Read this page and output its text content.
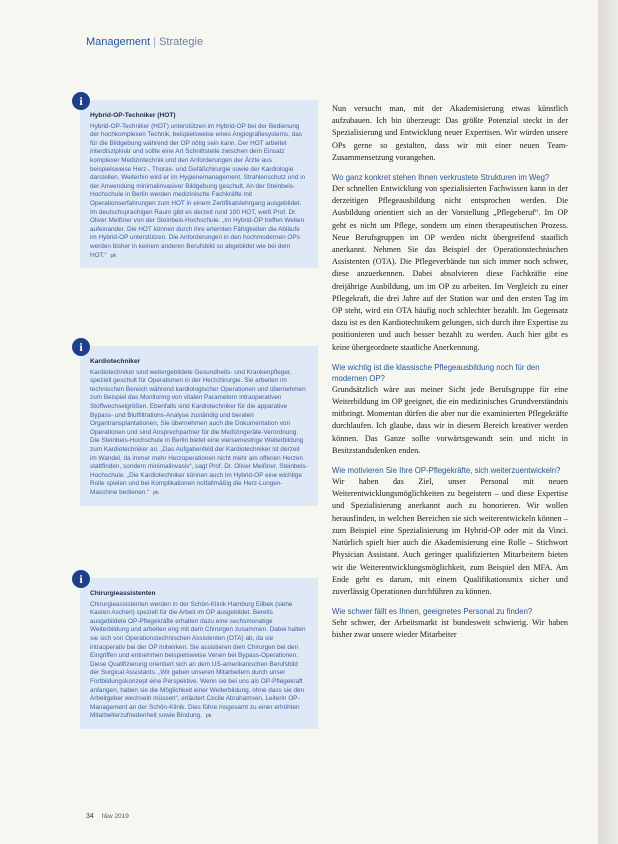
Management | Strategie
i

Hybrid-OP-Techniker (HOT)

Hybrid-OP-Techniker (HOT) unterstützen im Hybrid-OP bei der Bedienung der hochkomplexen Technik, beispielsweise eines Angiografiesystems, das für die Bildgebung während der OP nötig sein kann. Der HOT arbeitet interdisziplinär und sollte eine Art Schnittstelle zwischen dem Einsatz komplexer Medizintechnik und den Anforderungen der Ärzte aus beispielsweise Herz-, Thorax- und Gefäßchirurgie sowie der Kardiologie darstellen. Weiterhin wird er im Hygienemanagement, Strahlenschutz und in der Anwendung minimalinvasiver Bildgebung geschult. An der Steinbeis-Hochschule in Berlin werden medizinische Fachkräfte mit Operationserfahrungen zum HOT in einem Zertifikatslehrgang ausgebildet. Im deutschsprachigen Raum gibt es derzeit rund 100 HOT, weiß Prof. Dr. Oliver Meißner von der Steinbeis-Hochschule. „Im Hybrid-OP treffen Welten aufeinander. Die HOT können durch ihre erlernten Fähigkeiten die Abläufe im Hybrid-OP unterstützen. Die Anforderungen in den hochmodernen OPs werden bisher in keinem anderen Berufsbild so abgebildet wie bei dem HOT.“ pk

i

Kardiotechniker

Kardiotechniker sind weitergebildete Gesundheits- und Krankenpfleger, speziell geschult für Operationen in der Herzchirurgie. Sie arbeiten im technischen Bereich während kardiologischer Operationen und übernehmen zum Beispiel das Monitoring von vitalen Parametern intraoperativen Stoffwechselgrößen. Ebenfalls sind Kardiotechniker für die apparative Bypass- und Blutfiltrations-Analyse zuständig und beraten Organtransplantationen, Sie übernehmen auch die Dokumentation von Operationen und sind Ansprechpartner für die Medizingeräte-Verordnung. Die Steinbeis-Hochschule in Berlin bietet eine viersemestrige Weiterbildung zum Kardiotechniker an. „Das Aufgabenfeld der Kardiotechniker ist derzeit im Wandel, da immer mehr Herzoperationen nicht mehr am offenen Herzen stattfinden, sondern minimalinvasiv“, sagt Prof. Dr. Oliver Meißner, Steinbeis-Hochschule. „Die Kardiotechniker können auch im Hybrid-OP eine wichtige Rolle spielen und bei Komplikationen notfallmäßig die Herz-Lungen-Maschine bedienen.“ pk

i

Chirurgieassistenten

Chirurgieassistenten werden in der Schön-Klinik Hamburg Eilbek (siehe Kasten Aschen) speziell für die Arbeit im OP ausgebildet. Bereits ausgebildete OP-Pflegekräfte erhalten dazu eine sechsmonatige Weiterbildung und arbeiten eng mit dem Chirurgen zusammen. Dabei halten sie sich von Operationstechnischen Assistenten (OTA) ab, da sie intraoperativ bei der OP mitwirken. Sie assistieren dem Chirurgen bei den Eingriffen und entnehmen beispielsweise Venen bei Bypass-Operationen. Diese Qualifizierung orientiert sich an dem US-amerikanischen Berufsbild der Surgical Assistants. „Wir geben unseren Mitarbeitern durch unser Fortbildungskonzept eine Perspektive. Wenn sie bei uns als OP-Pflegekraft anfangen, haben sie die Möglichkeit einer Weiterbildung, ohne dass sie den Arbeitgeber wechseln müssen“, erläutert Cecile Abrahamsen, Leiterin OP-Management an der Schön-Klinik. Dies führe insgesamt zu einer erhöhten Mitarbeiterzufriedenheit sowie Bindung. pk

Nun versucht man, mit der Akademisierung etwas künstlich aufzubauen. Ich bin überzeugt: Das größte Potenzial steckt in der Spezialisierung und Entwicklung neuer Expertisen. Wir würden unsere OPs gerne so gestalten, dass wir mit einer neuen Team-Zusammensetzung vorangehen.

Wo ganz konkret stehen Ihnen verkrustete Strukturen im Weg?

Der schnellen Entwicklung von spezialisierten Fachwissen kann in der derzeitigen Pflegeausbildung nicht entsprochen werden. Die Ausbildung orientiert sich an der Vorstellung „Pflegeberuf“. Im OP geht es nicht um Pflege, sondern um einen therapeutischen Prozess. Neue Berufsgruppen im OP werden nicht übergreifend staatlich anerkannt. Nehmen Sie das Beispiel der Operationstechnischen Assistenten (OTA). Die Pflegeverbände tun sich immer noch schwer, diese anzuerkennen. Dabei absolvieren diese Fachkräfte eine dreijährige Ausbildung, um im OP zu arbeiten. Im Vergleich zu einer Pflegekraft, die drei Jahre auf der Station war und den ersten Tag im OP steht, wird ein OTA häufig noch schlechter bezahlt. Im Gegensatz dazu ist es den Kardiotechnikern gelungen, sich durch ihre Expertise zu positionieren und auch besser bezahlt zu werden. Auch hier gibt es keine übergeordnete staatliche Anerkennung.

Wie wichtig ist die klassische Pflegeausbildung noch für den modernen OP?

Grundsätzlich wäre aus meiner Sicht jede Berufsgruppe für eine Weiterbildung im OP geeignet, die ein medizinisches Grundverständnis mitbringt. Momentan dürfen die aber nur die examinierten Pflegekräfte durchlaufen. Ich glaube, dass wir in diesem Bereich kreativer werden können. Das Ganze sollte vorwärtsgewandt sein und nicht in Besitzstandsdenken enden.

Wie motivieren Sie Ihre OP-Pflegekräfte, sich weiterzuentwickeln?

Wir haben das Ziel, unser Personal mit neuen Weiterentwicklungsmöglichkeiten zu begeistern – und diese Expertise und Spezialisierung anerkannt auch zu honorieren. Wir wollen herausfinden, in welchen Bereichen sie sich weiterentwickeln können – zum Beispiel eine Spezialisierung im Hybrid-OP oder mit da Vinci. Natürlich spielt hier auch die Akademisierung eine Rolle – Stichwort Physician Assistant. Auch geringer qualifizierten Mitarbeitern bieten wir die Weiterentwicklungsmöglichkeit, zum Beispiel den MFA. Am Ende geht es darum, mit einem Qualifikationsmix sicher und zuverlässig Operationen durchführen zu können.

Wie schwer fällt es Ihnen, geeignetes Personal zu finden?

Sehr schwer, der Arbeitsmarkt ist bundesweit schwierig. Wir haben bisher zwar unsere wieder Mitarbeiter

34 f&w 2019
